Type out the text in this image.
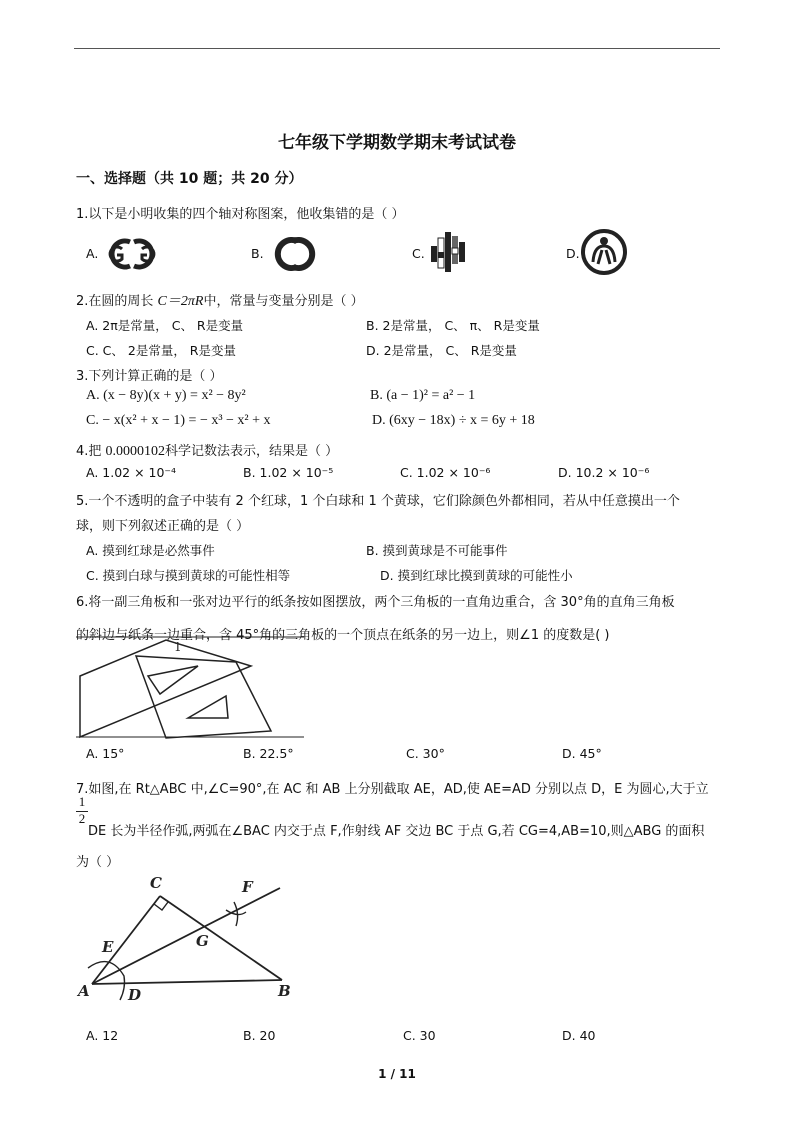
七年级下学期数学期末考试试卷
一、选择题（共 10 题；共 20 分）
1.以下是小明收集的四个轴对称图案，他收集错的是（ ）
A.	B.	C.	D.
2.在圆的周长 C＝2πR中，常量与变量分别是（ ）
A. 2π是常量， C、 R是变量	B. 2是常量， C、 π、 R是变量
C. C、 2是常量， R是变量	D. 2是常量， C、 R是变量
3.下列计算正确的是（ ）
A. (x − 8y)(x + y) = x² − 8y²	B. (a − 1)² = a² − 1
C. − x(x² + x − 1) = − x³ − x² + x	D. (6xy − 18x) ÷ x = 6y + 18
4.把 0.0000102科学记数法表示，结果是（ ）
A. 1.02 × 10⁻⁴	B. 1.02 × 10⁻⁵	C. 1.02 × 10⁻⁶	D. 10.2 × 10⁻⁶
5.一个不透明的盒子中装有 2 个红球，1 个白球和 1 个黄球，它们除颜色外都相同，若从中任意摸出一个
球，则下列叙述正确的是（ ）
A. 摸到红球是必然事件	B. 摸到黄球是不可能事件
C. 摸到白球与摸到黄球的可能性相等	D. 摸到红球比摸到黄球的可能性小
6.将一副三角板和一张对边平行的纸条按如图摆放，两个三角板的一直角边重合，含 30°角的直角三角板
的斜边与纸条一边重合，含 45°角的三角板的一个顶点在纸条的另一边上，则∠1 的度数是( )
1
A. 15°	B. 22.5°	C. 30°	D. 45°
7.如图,在 Rt△ABC 中,∠C=90°,在 AC 和 AB 上分别截取 AE，AD,使 AE=AD 分别以点 D，E 为圆心,大于立
1
2
DE 长为半径作弧,两弧在∠BAC 内交于点 F,作射线 AF 交边 BC 于点 G,若 CG=4,AB=10,则△ABG 的面积
为（ ）
C	F
E	G
A	D	B
A. 12	B. 20	C. 30	D. 40
1 / 11
